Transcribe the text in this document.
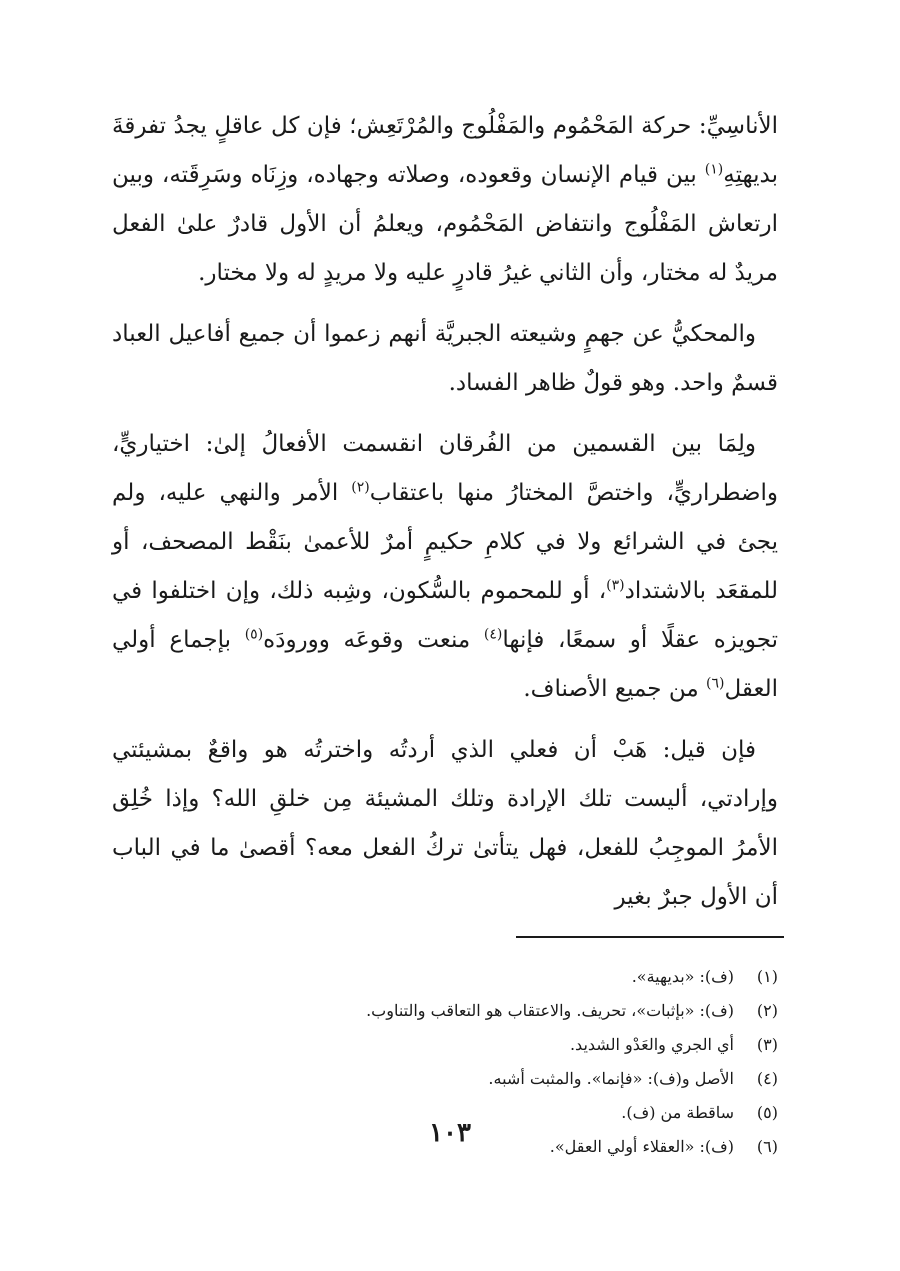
الأناسِيِّ: حركة المَحْمُوم والمَفْلُوج والمُرْتَعِش؛ فإن كل عاقلٍ يجدُ تفرقةَ بديهتِهِ$^{(١)}$ بين قيام الإنسان وقعوده، وصلاته وجهاده، وزِنَاه وسَرِقَته، وبين ارتعاش المَفْلُوج وانتفاض المَحْمُوم، ويعلمُ أن الأول قادرٌ علىٰ الفعل مريدٌ له مختار، وأن الثاني غيرُ قادرٍ عليه ولا مريدٍ له ولا مختار.

والمحكيُّ عن جهمٍ وشيعته الجبريَّة أنهم زعموا أن جميع أفاعيل العباد قسمٌ واحد. وهو قولٌ ظاهر الفساد.

ولِمَا بين القسمين من الفُرقان انقسمت الأفعالُ إلىٰ: اختياريٍّ، واضطراريٍّ، واختصَّ المختارُ منها باعتقاب$^{(٢)}$ الأمر والنهي عليه، ولم يجئ في الشرائع ولا في كلامِ حكيمٍ أمرٌ للأعمىٰ بنَقْط المصحف، أو للمقعَد بالاشتداد$^{(٣)}$، أو للمحموم بالسُّكون، وشِبه ذلك، وإن اختلفوا في تجويزه عقلًا أو سمعًا، فإنها$^{(٤)}$ منعت وقوعَه وورودَه$^{(٥)}$ بإجماع أولي العقل$^{(٦)}$ من جميع الأصناف.

فإن قيل: هَبْ أن فعلي الذي أردتُه واخترتُه هو واقعٌ بمشيئتي وإرادتي، أليست تلك الإرادة وتلك المشيئة مِن خلقِ الله؟ وإذا خُلِق الأمرُ الموجِبُ للفعل، فهل يتأتىٰ تركُ الفعل معه؟ أقصىٰ ما في الباب أن الأول جبرٌ بغير

(١)
(ف): «بديهية».
(٢)
(ف): «بإثبات»، تحريف. والاعتقاب هو التعاقب والتناوب.
(٣)
أي الجري والعَدْو الشديد.
(٤)
الأصل و(ف): «فإنما». والمثبت أشبه.
(٥)
ساقطة من (ف).
(٦)
(ف): «العقلاء أولي العقل».
١٠٣
